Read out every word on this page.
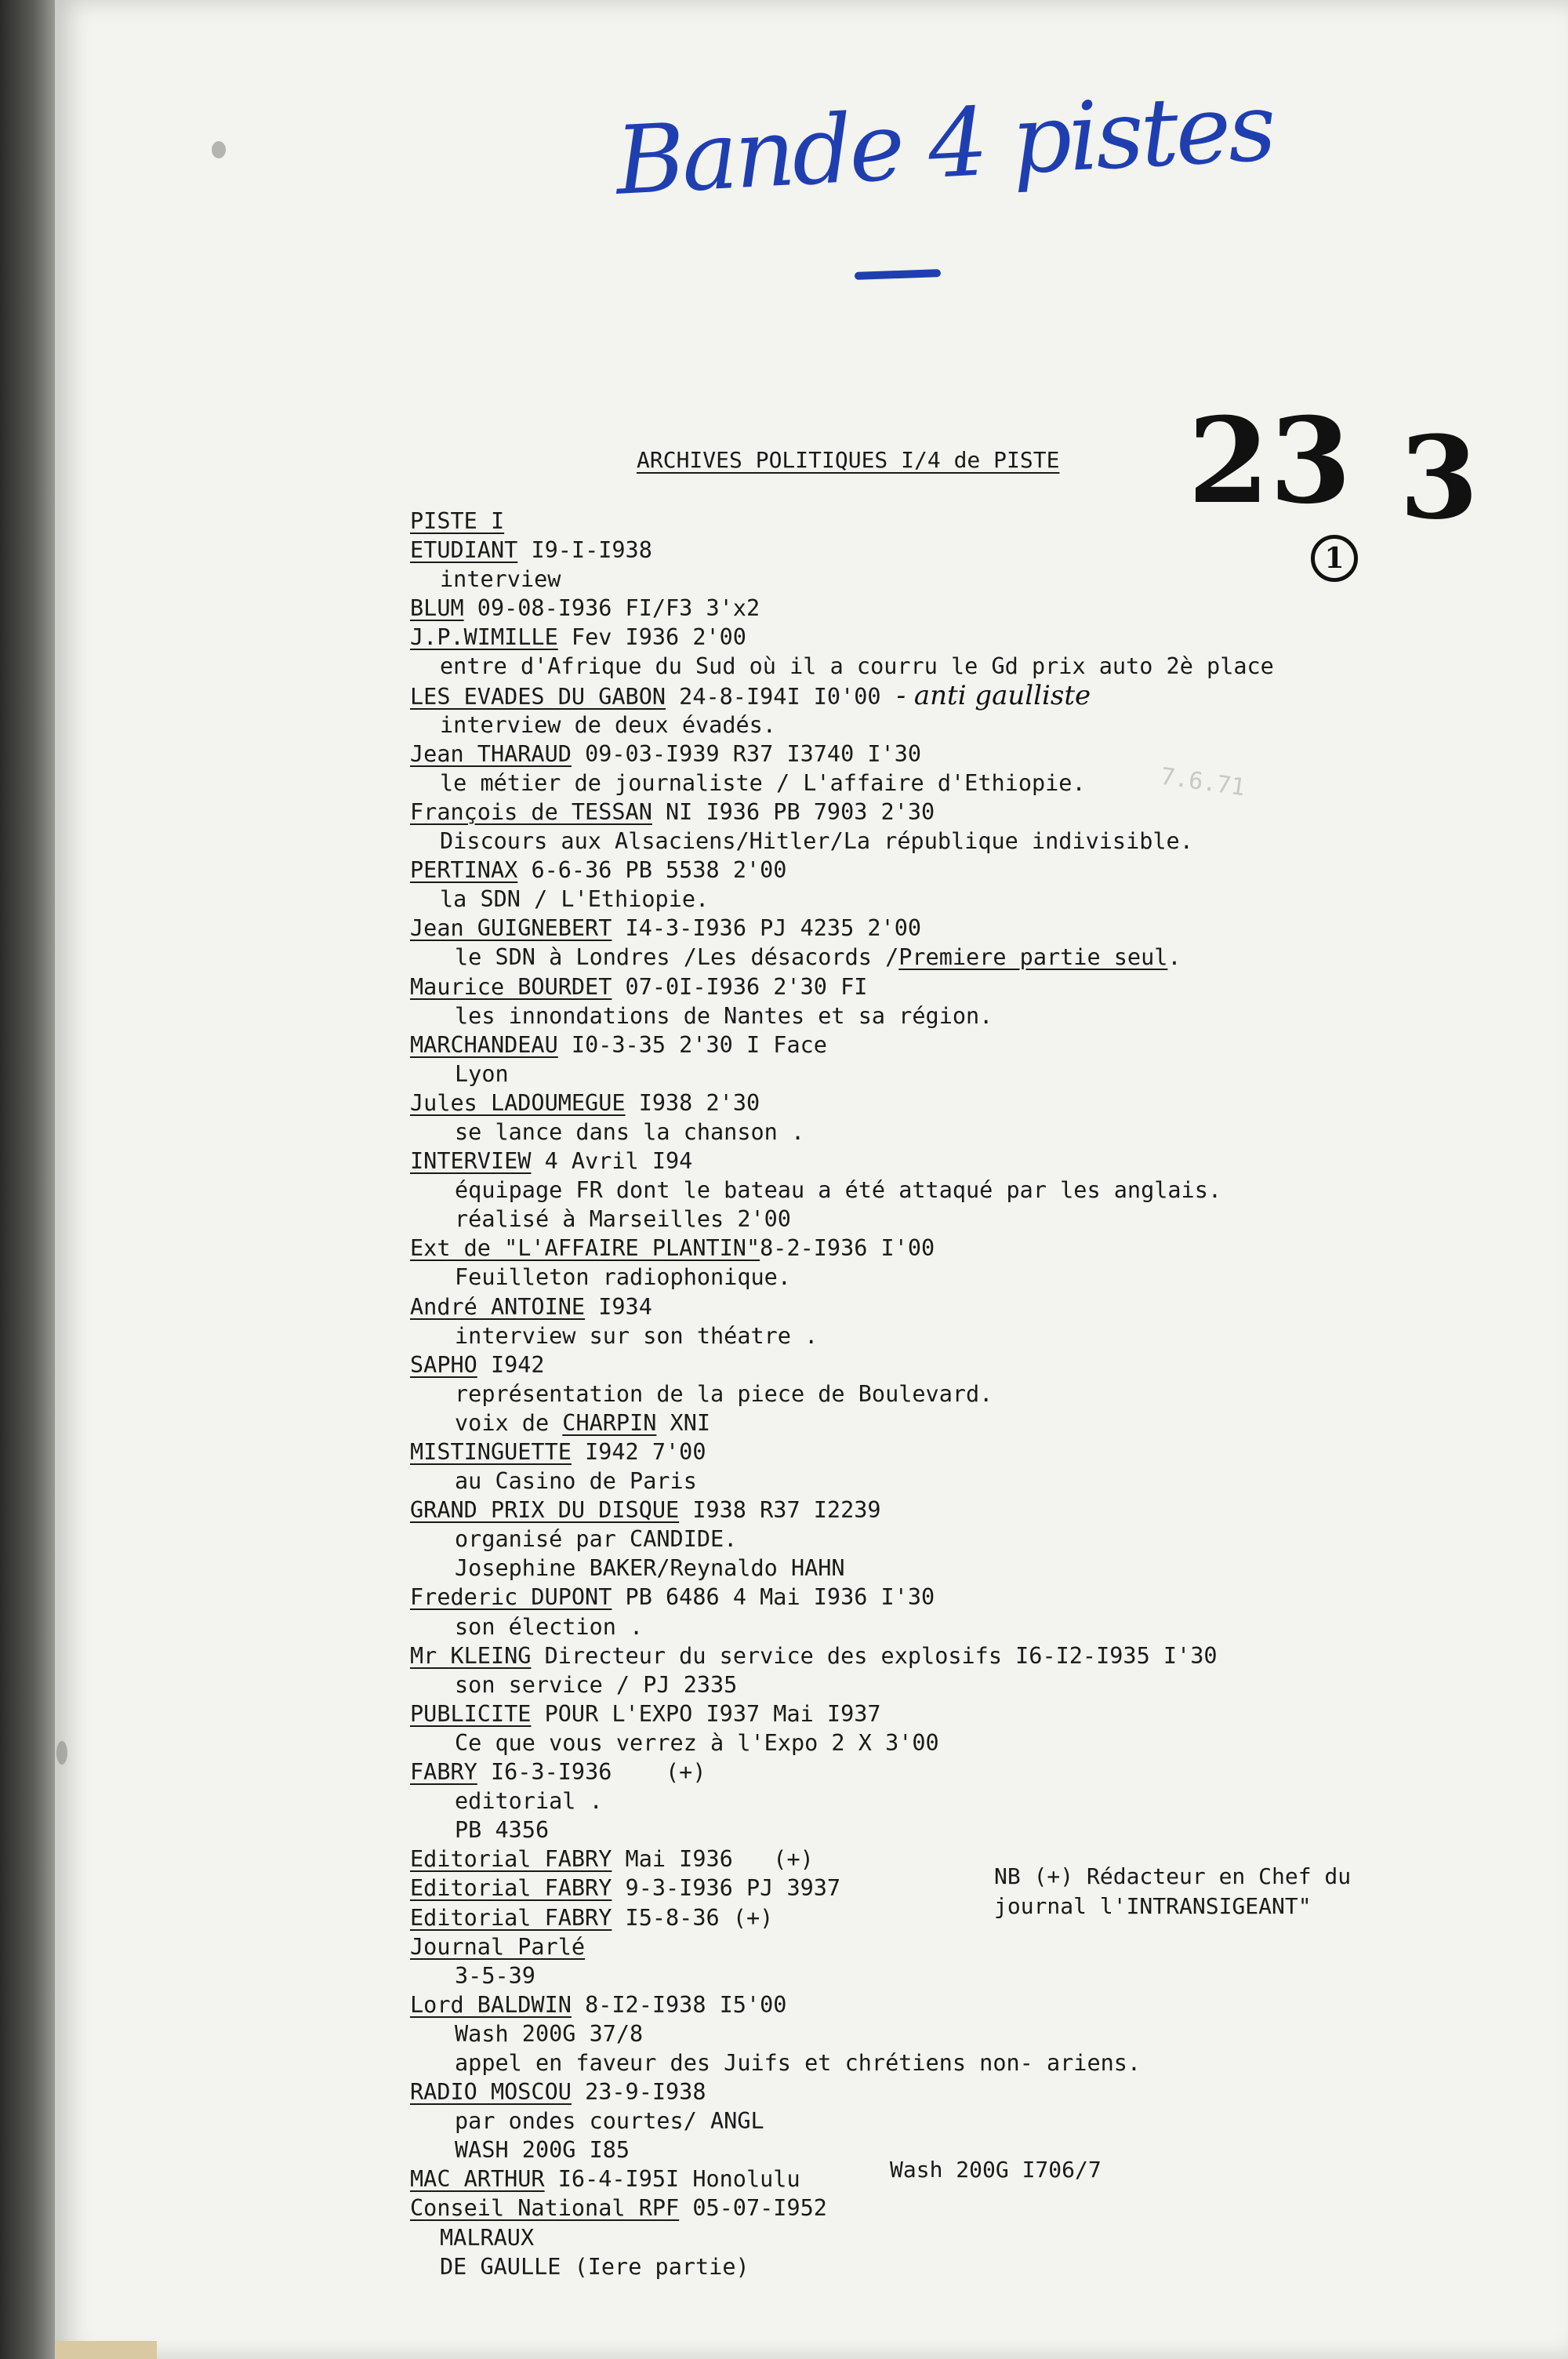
Bande 4 pistes
23 3
1
ARCHIVES POLITIQUES I/4 de PISTE
7.6.71
PISTE I
ETUDIANT I9-I-I938
interview
BLUM 09-08-I936 FI/F3 3'x2
J.P.WIMILLE Fev I936 2'00
entre d'Afrique du Sud où il a courru le Gd prix auto 2è place
LES EVADES DU GABON 24-8-I94I I0'00 - anti gaulliste
interview de deux évadés.
Jean THARAUD 09-03-I939 R37 I3740 I'30
le métier de journaliste / L'affaire d'Ethiopie.
François de TESSAN NI I936 PB 7903 2'30
Discours aux Alsaciens/Hitler/La république indivisible.
PERTINAX 6-6-36 PB 5538 2'00
la SDN / L'Ethiopie.
Jean GUIGNEBERT I4-3-I936 PJ 4235 2'00
le SDN à Londres /Les désacords /Premiere partie seul.
Maurice BOURDET 07-0I-I936 2'30 FI
les innondations de Nantes et sa région.
MARCHANDEAU I0-3-35 2'30 I Face
Lyon
Jules LADOUMEGUE I938 2'30
se lance dans la chanson .
INTERVIEW 4 Avril I94
équipage FR dont le bateau a été attaqué par les anglais.
réalisé à Marseilles 2'00
Ext de "L'AFFAIRE PLANTIN"8-2-I936 I'00
Feuilleton radiophonique.
André ANTOINE I934
interview sur son théatre .
SAPHO I942
représentation de la piece de Boulevard.
voix de CHARPIN XNI
MISTINGUETTE I942 7'00
au Casino de Paris
GRAND PRIX DU DISQUE I938 R37 I2239
organisé par CANDIDE.
Josephine BAKER/Reynaldo HAHN
Frederic DUPONT PB 6486 4 Mai I936 I'30
son élection .
Mr KLEING Directeur du service des explosifs I6-I2-I935 I'30
son service / PJ 2335
PUBLICITE POUR L'EXPO I937 Mai I937
Ce que vous verrez à l'Expo 2 X 3'00
FABRY I6-3-I936    (+)
editorial .
PB 4356
Editorial FABRY Mai I936   (+)
Editorial FABRY 9-3-I936 PJ 3937
Editorial FABRY I5-8-36 (+)
Journal Parlé
3-5-39
Lord BALDWIN 8-I2-I938 I5'00
Wash 200G 37/8
appel en faveur des Juifs et chrétiens non- ariens.
RADIO MOSCOU 23-9-I938
par ondes courtes/ ANGL
WASH 200G I85
MAC ARTHUR I6-4-I95I Honolulu
Conseil National RPF 05-07-I952
MALRAUX
DE GAULLE (Iere partie)
NB (+) Rédacteur en Chef du
journal l'INTRANSIGEANT"
Wash 200G I706/7
